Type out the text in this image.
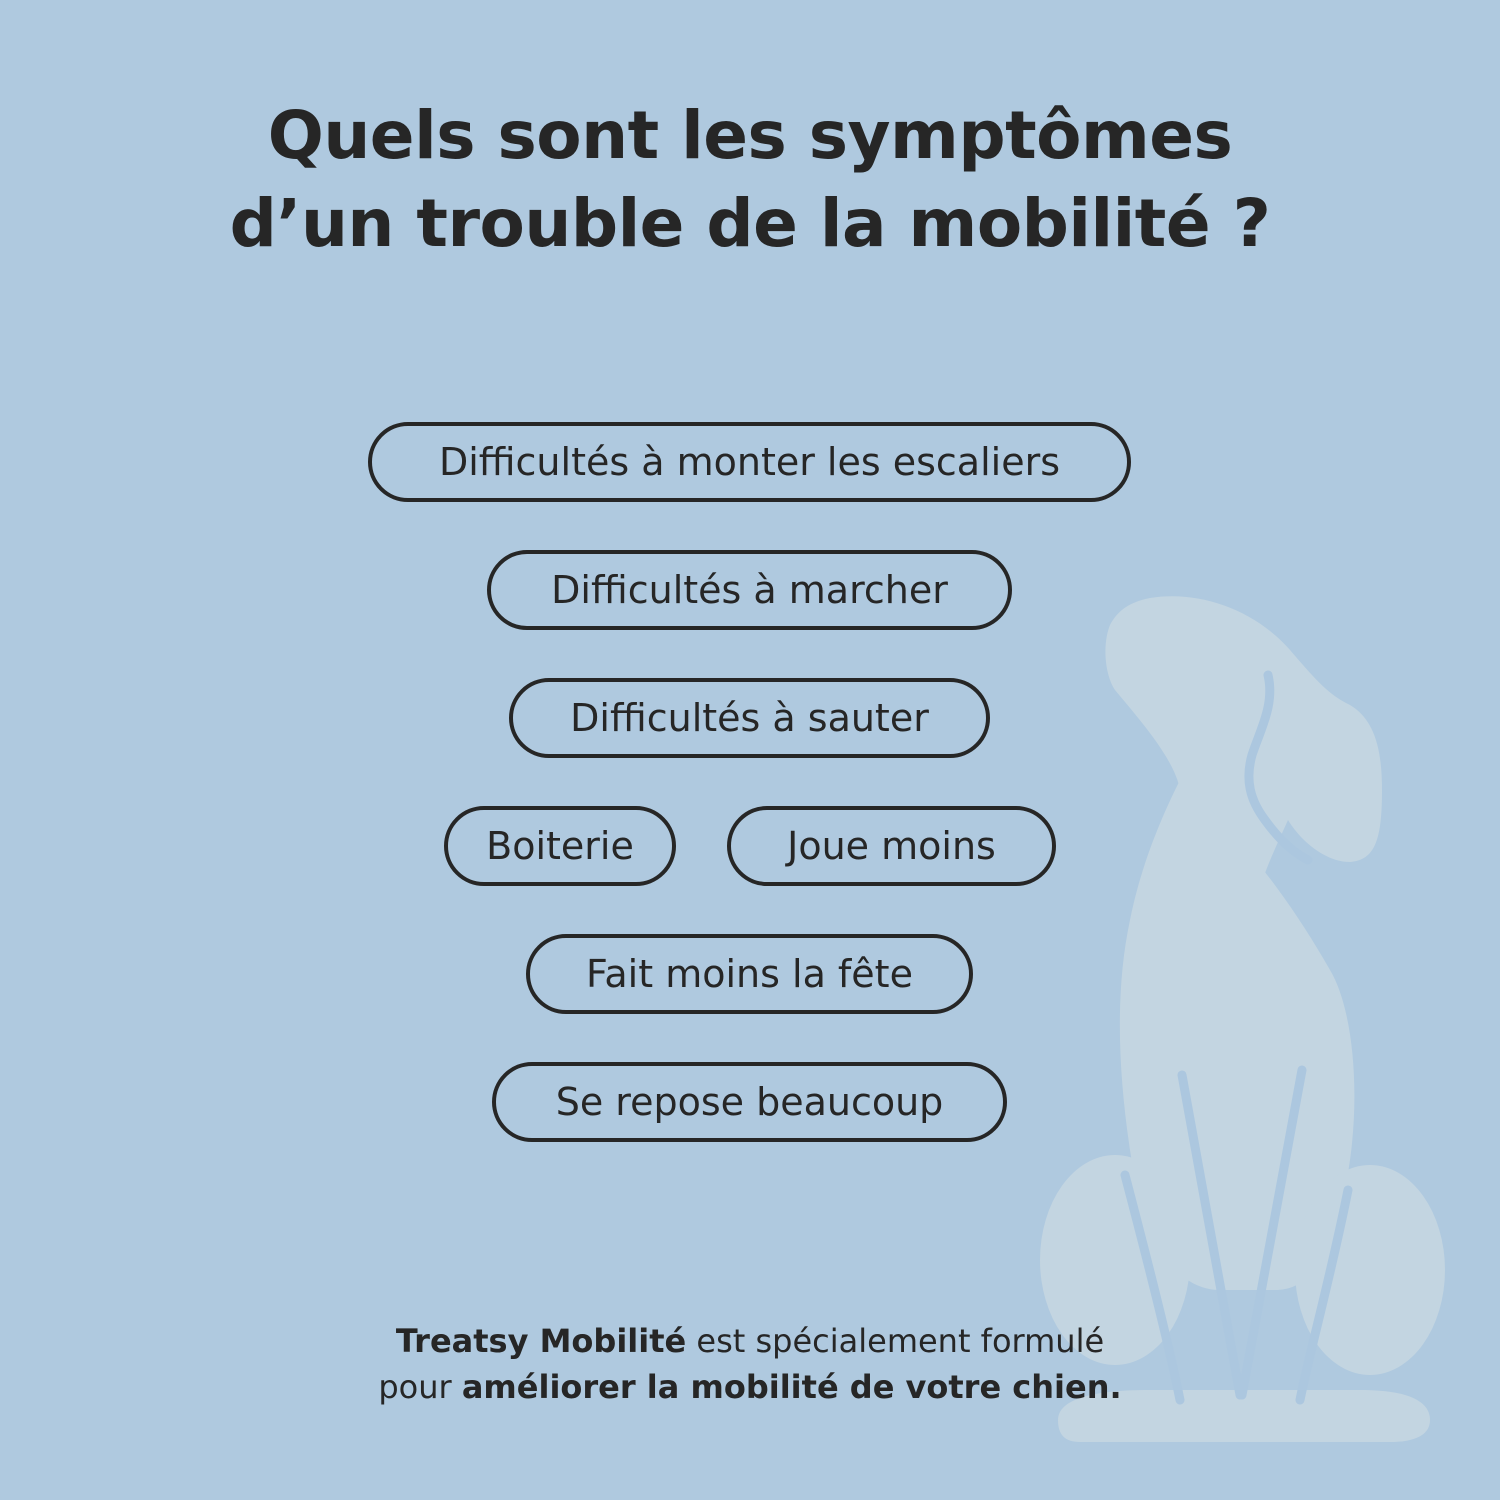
Quels sont les symptômes
d’un trouble de la mobilité ?
Difficultés à monter les escaliers
Difficultés à marcher
Difficultés à sauter
Boiterie	Joue moins
Fait moins la fête
Se repose beaucoup
Treatsy Mobilité est spécialement formulé
pour améliorer la mobilité de votre chien.
